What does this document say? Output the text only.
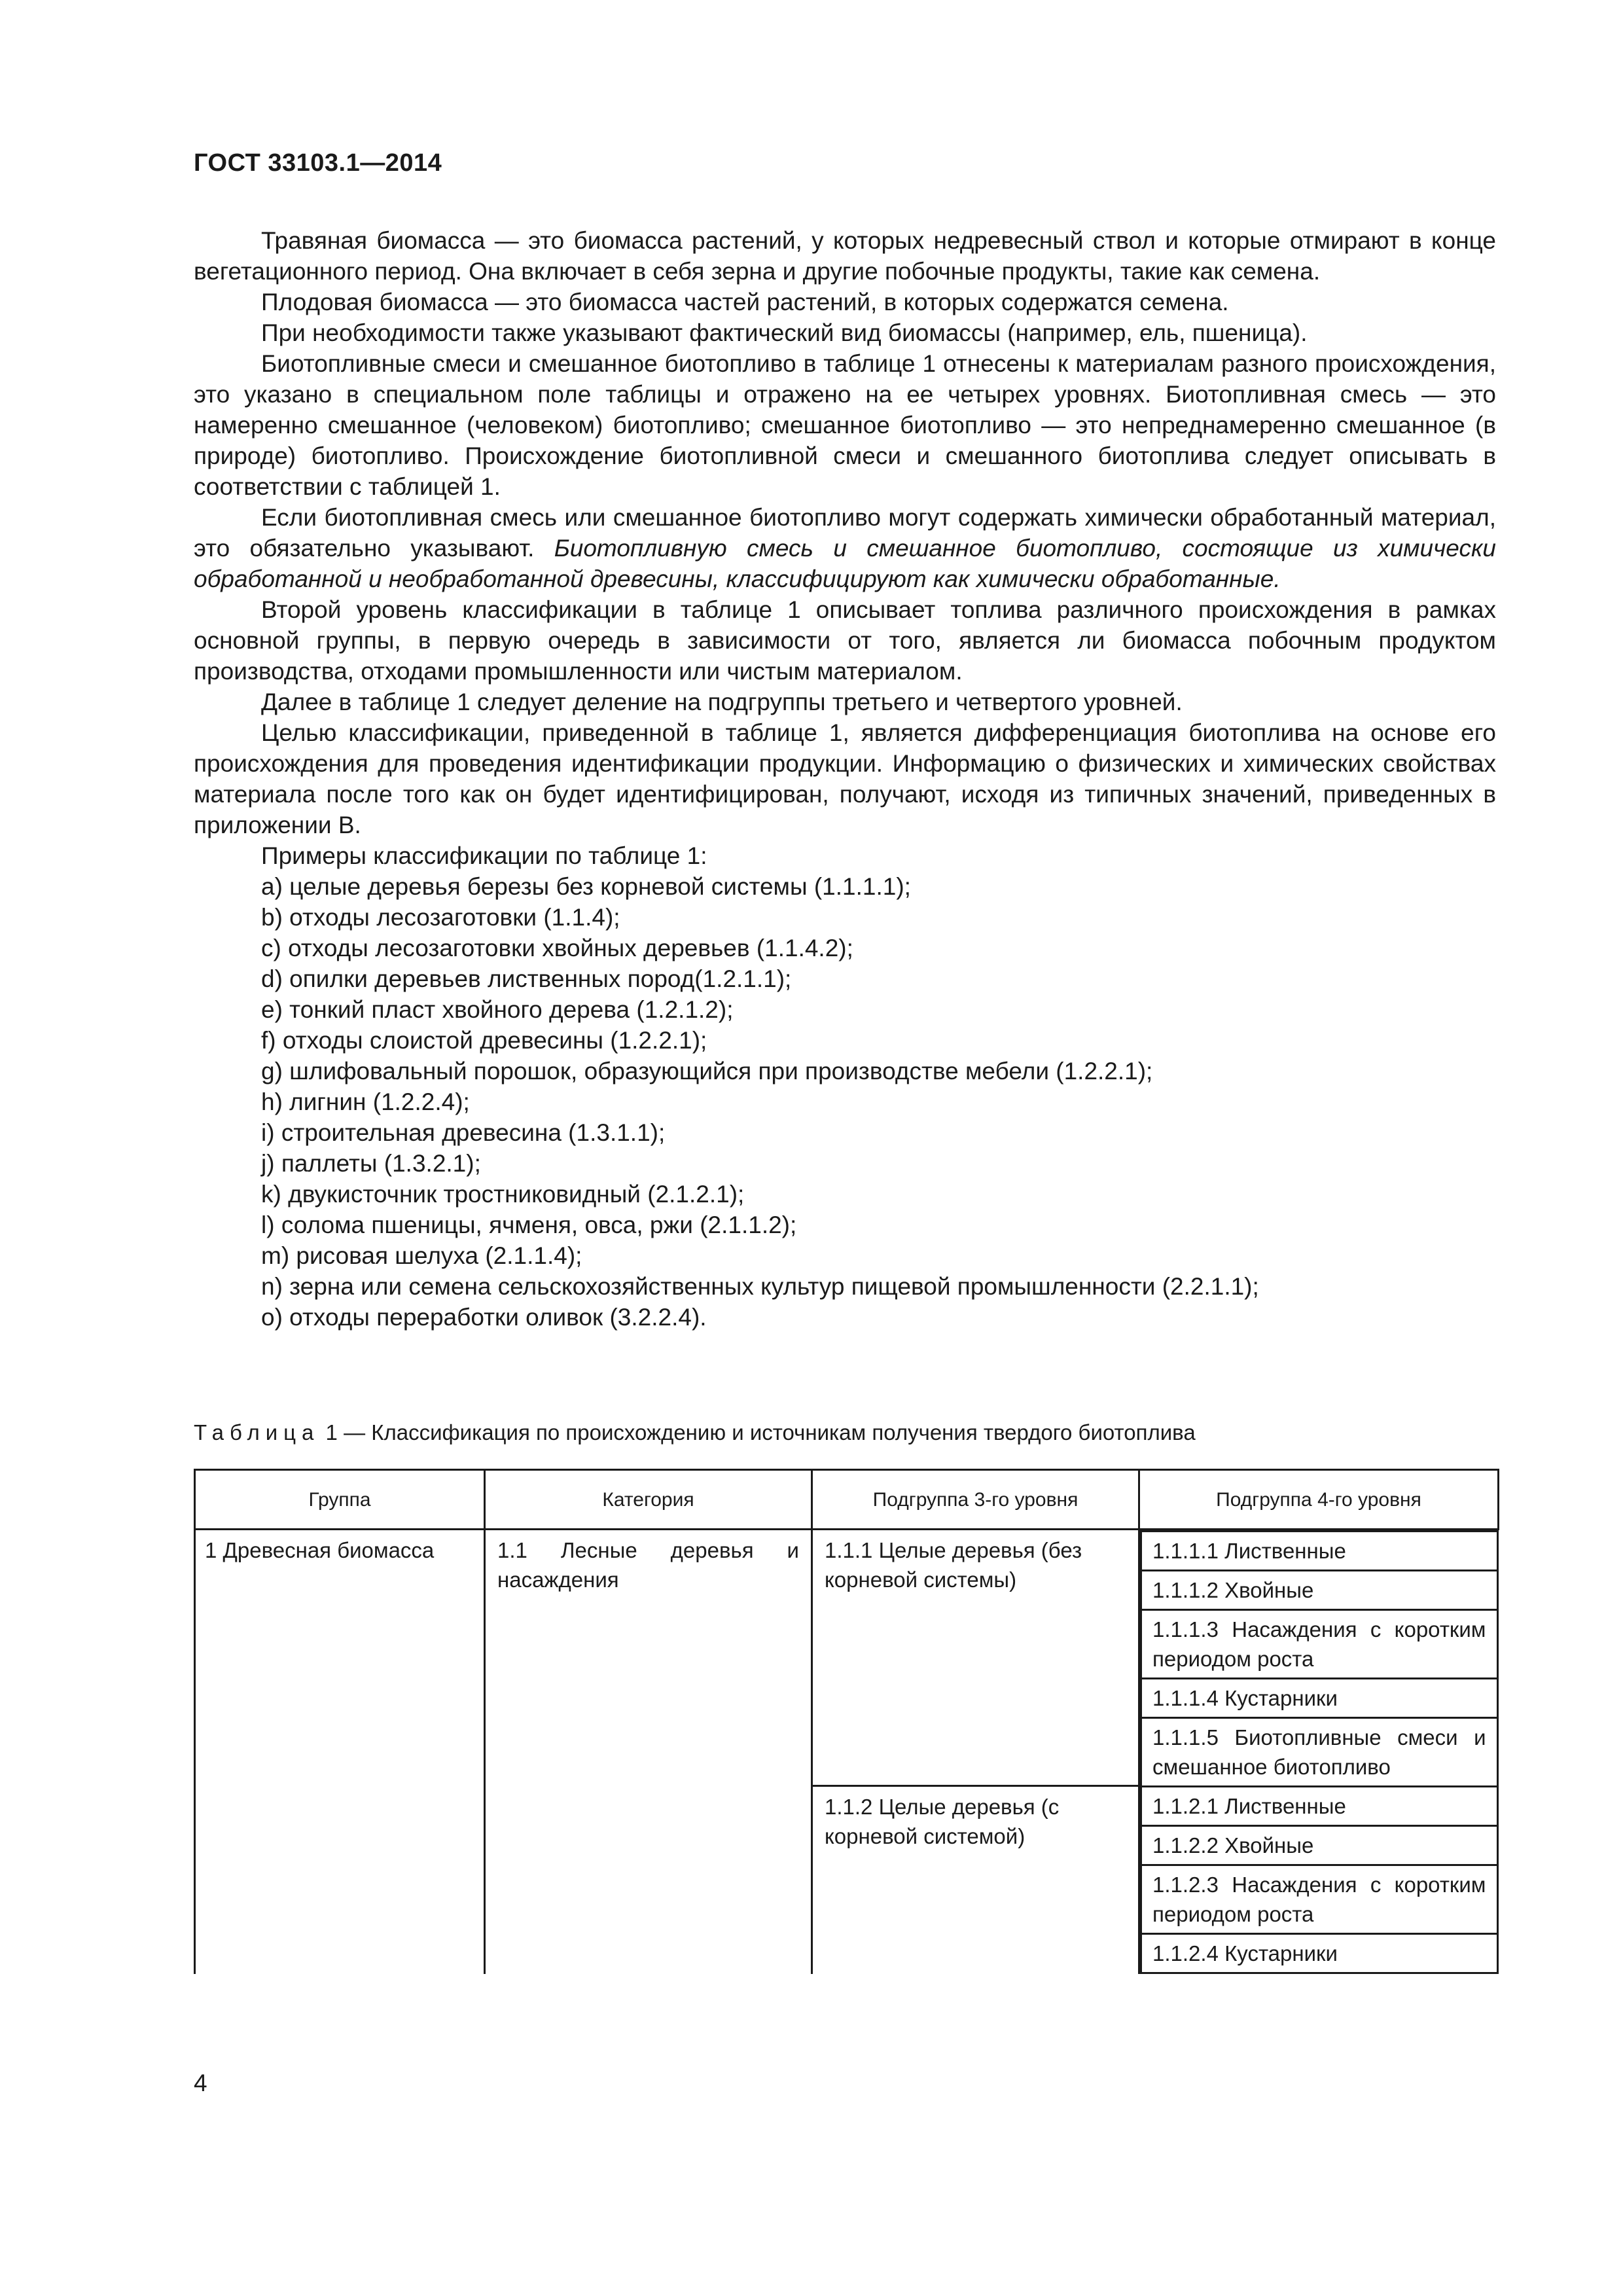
ГОСТ 33103.1—2014

Травяная биомасса — это биомасса растений, у которых недревесный ствол и которые отмирают в конце вегетационного период. Она включает в себя зерна и другие побочные продукты, такие как семена.

Плодовая биомасса — это биомасса частей растений, в которых содержатся семена.

При необходимости также указывают фактический вид биомассы (например, ель, пшеница).

Биотопливные смеси и смешанное биотопливо в таблице 1 отнесены к материалам разного происхождения, это указано в специальном поле таблицы и отражено на ее четырех уровнях. Биотопливная смесь — это намеренно смешанное (человеком) биотопливо; смешанное биотопливо — это непреднамеренно смешанное (в природе) биотопливо. Происхождение биотопливной смеси и смешанного биотоплива следует описывать в соответствии с таблицей 1.

Если биотопливная смесь или смешанное биотопливо могут содержать химически обработанный материал, это обязательно указывают. Биотопливную смесь и смешанное биотопливо, состоящие из химически обработанной и необработанной древесины, классифицируют как химически обработанные.

Второй уровень классификации в таблице 1 описывает топлива различного происхождения в рамках основной группы, в первую очередь в зависимости от того, является ли биомасса побочным продуктом производства, отходами промышленности или чистым материалом.

Далее в таблице 1 следует деление на подгруппы третьего и четвертого уровней.

Целью классификации, приведенной в таблице 1, является дифференциация биотоплива на основе его происхождения для проведения идентификации продукции. Информацию о физических и химических свойствах материала после того как он будет идентифицирован, получают, исходя из типичных значений, приведенных в приложении В.

Примеры классификации по таблице 1:

a) целые деревья березы без корневой системы (1.1.1.1);

b) отходы лесозаготовки (1.1.4);

c) отходы лесозаготовки хвойных деревьев (1.1.4.2);

d) опилки деревьев лиственных пород(1.2.1.1);

e) тонкий пласт хвойного дерева (1.2.1.2);

f) отходы слоистой древесины (1.2.2.1);

g) шлифовальный порошок, образующийся при производстве мебели (1.2.2.1);

h) лигнин (1.2.2.4);

i) строительная древесина (1.3.1.1);

j) паллеты (1.3.2.1);

k) двукисточник тростниковидный (2.1.2.1);

l) солома пшеницы, ячменя, овса, ржи (2.1.1.2);

m) рисовая шелуха (2.1.1.4);

n) зерна или семена сельскохозяйственных культур пищевой промышленности (2.2.1.1);

o) отходы переработки оливок (3.2.2.4).

Таблица 1 — Классификация по происхождению и источникам получения твердого биотоплива
Группа	Категория	Подгруппа 3-го уровня	Подгруппа 4-го уровня
1 Древесная биомасса	1.1 Лесные деревья и насаждения	1.1.1 Целые деревья (без корневой системы)	1.1.1.1 Лиственные
1.1.1.2 Хвойные
1.1.1.3 Насаждения с коротким периодом роста
1.1.1.4 Кустарники
1.1.1.5 Биотопливные смеси и смешанное биотопливо

		1.1.2 Целые деревья (с корневой системой)	1.1.2.1 Лиственные
1.1.2.2 Хвойные
1.1.2.3 Насаждения с коротким периодом роста
1.1.2.4 Кустарники
4
